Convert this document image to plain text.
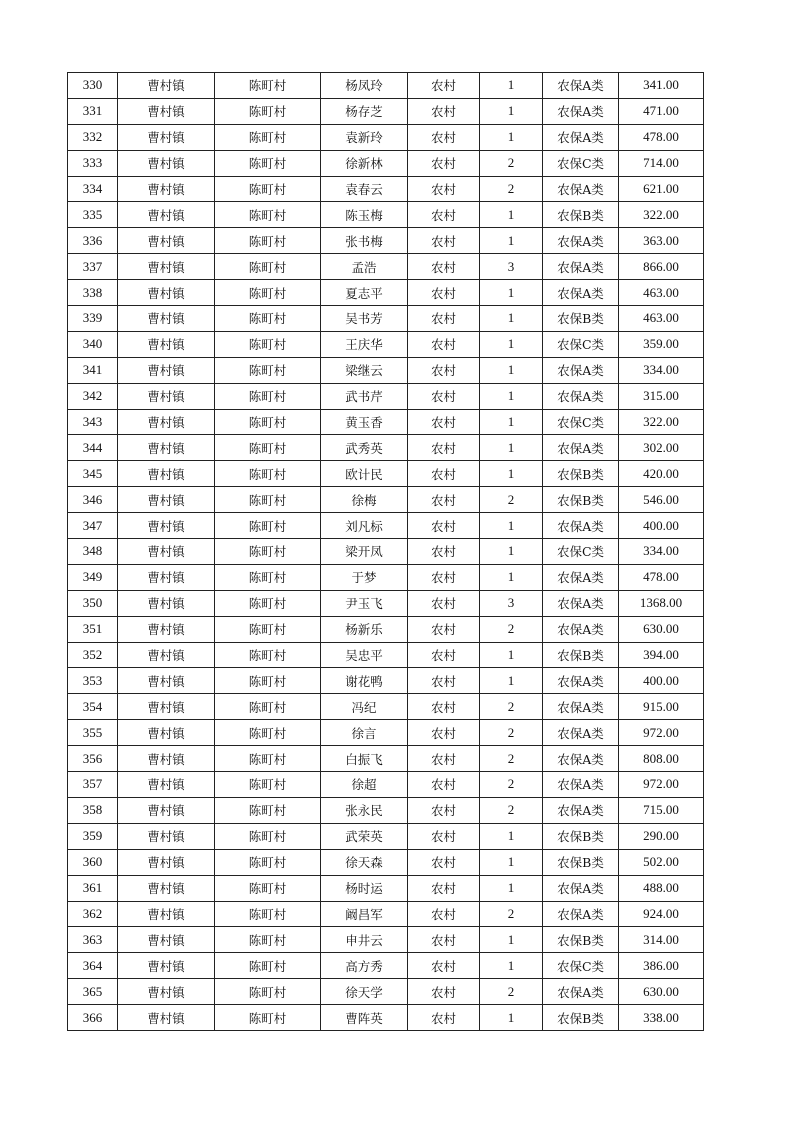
330	曹村镇	陈町村	杨凤玲	农村	1	农保A类	341.00
331	曹村镇	陈町村	杨存芝	农村	1	农保A类	471.00
332	曹村镇	陈町村	袁新玲	农村	1	农保A类	478.00
333	曹村镇	陈町村	徐新林	农村	2	农保C类	714.00
334	曹村镇	陈町村	袁春云	农村	2	农保A类	621.00
335	曹村镇	陈町村	陈玉梅	农村	1	农保B类	322.00
336	曹村镇	陈町村	张书梅	农村	1	农保A类	363.00
337	曹村镇	陈町村	孟浩	农村	3	农保A类	866.00
338	曹村镇	陈町村	夏志平	农村	1	农保A类	463.00
339	曹村镇	陈町村	吴书芳	农村	1	农保B类	463.00
340	曹村镇	陈町村	王庆华	农村	1	农保C类	359.00
341	曹村镇	陈町村	梁继云	农村	1	农保A类	334.00
342	曹村镇	陈町村	武书芹	农村	1	农保A类	315.00
343	曹村镇	陈町村	黄玉香	农村	1	农保C类	322.00
344	曹村镇	陈町村	武秀英	农村	1	农保A类	302.00
345	曹村镇	陈町村	欧计民	农村	1	农保B类	420.00
346	曹村镇	陈町村	徐梅	农村	2	农保B类	546.00
347	曹村镇	陈町村	刘凡标	农村	1	农保A类	400.00
348	曹村镇	陈町村	梁开凤	农村	1	农保C类	334.00
349	曹村镇	陈町村	于梦	农村	1	农保A类	478.00
350	曹村镇	陈町村	尹玉飞	农村	3	农保A类	1368.00
351	曹村镇	陈町村	杨新乐	农村	2	农保A类	630.00
352	曹村镇	陈町村	吴忠平	农村	1	农保B类	394.00
353	曹村镇	陈町村	谢花鸭	农村	1	农保A类	400.00
354	曹村镇	陈町村	冯纪	农村	2	农保A类	915.00
355	曹村镇	陈町村	徐言	农村	2	农保A类	972.00
356	曹村镇	陈町村	白振飞	农村	2	农保A类	808.00
357	曹村镇	陈町村	徐超	农村	2	农保A类	972.00
358	曹村镇	陈町村	张永民	农村	2	农保A类	715.00
359	曹村镇	陈町村	武荣英	农村	1	农保B类	290.00
360	曹村镇	陈町村	徐天森	农村	1	农保B类	502.00
361	曹村镇	陈町村	杨时运	农村	1	农保A类	488.00
362	曹村镇	陈町村	阚昌军	农村	2	农保A类	924.00
363	曹村镇	陈町村	申井云	农村	1	农保B类	314.00
364	曹村镇	陈町村	高方秀	农村	1	农保C类	386.00
365	曹村镇	陈町村	徐天学	农村	2	农保A类	630.00
366	曹村镇	陈町村	曹阵英	农村	1	农保B类	338.00
